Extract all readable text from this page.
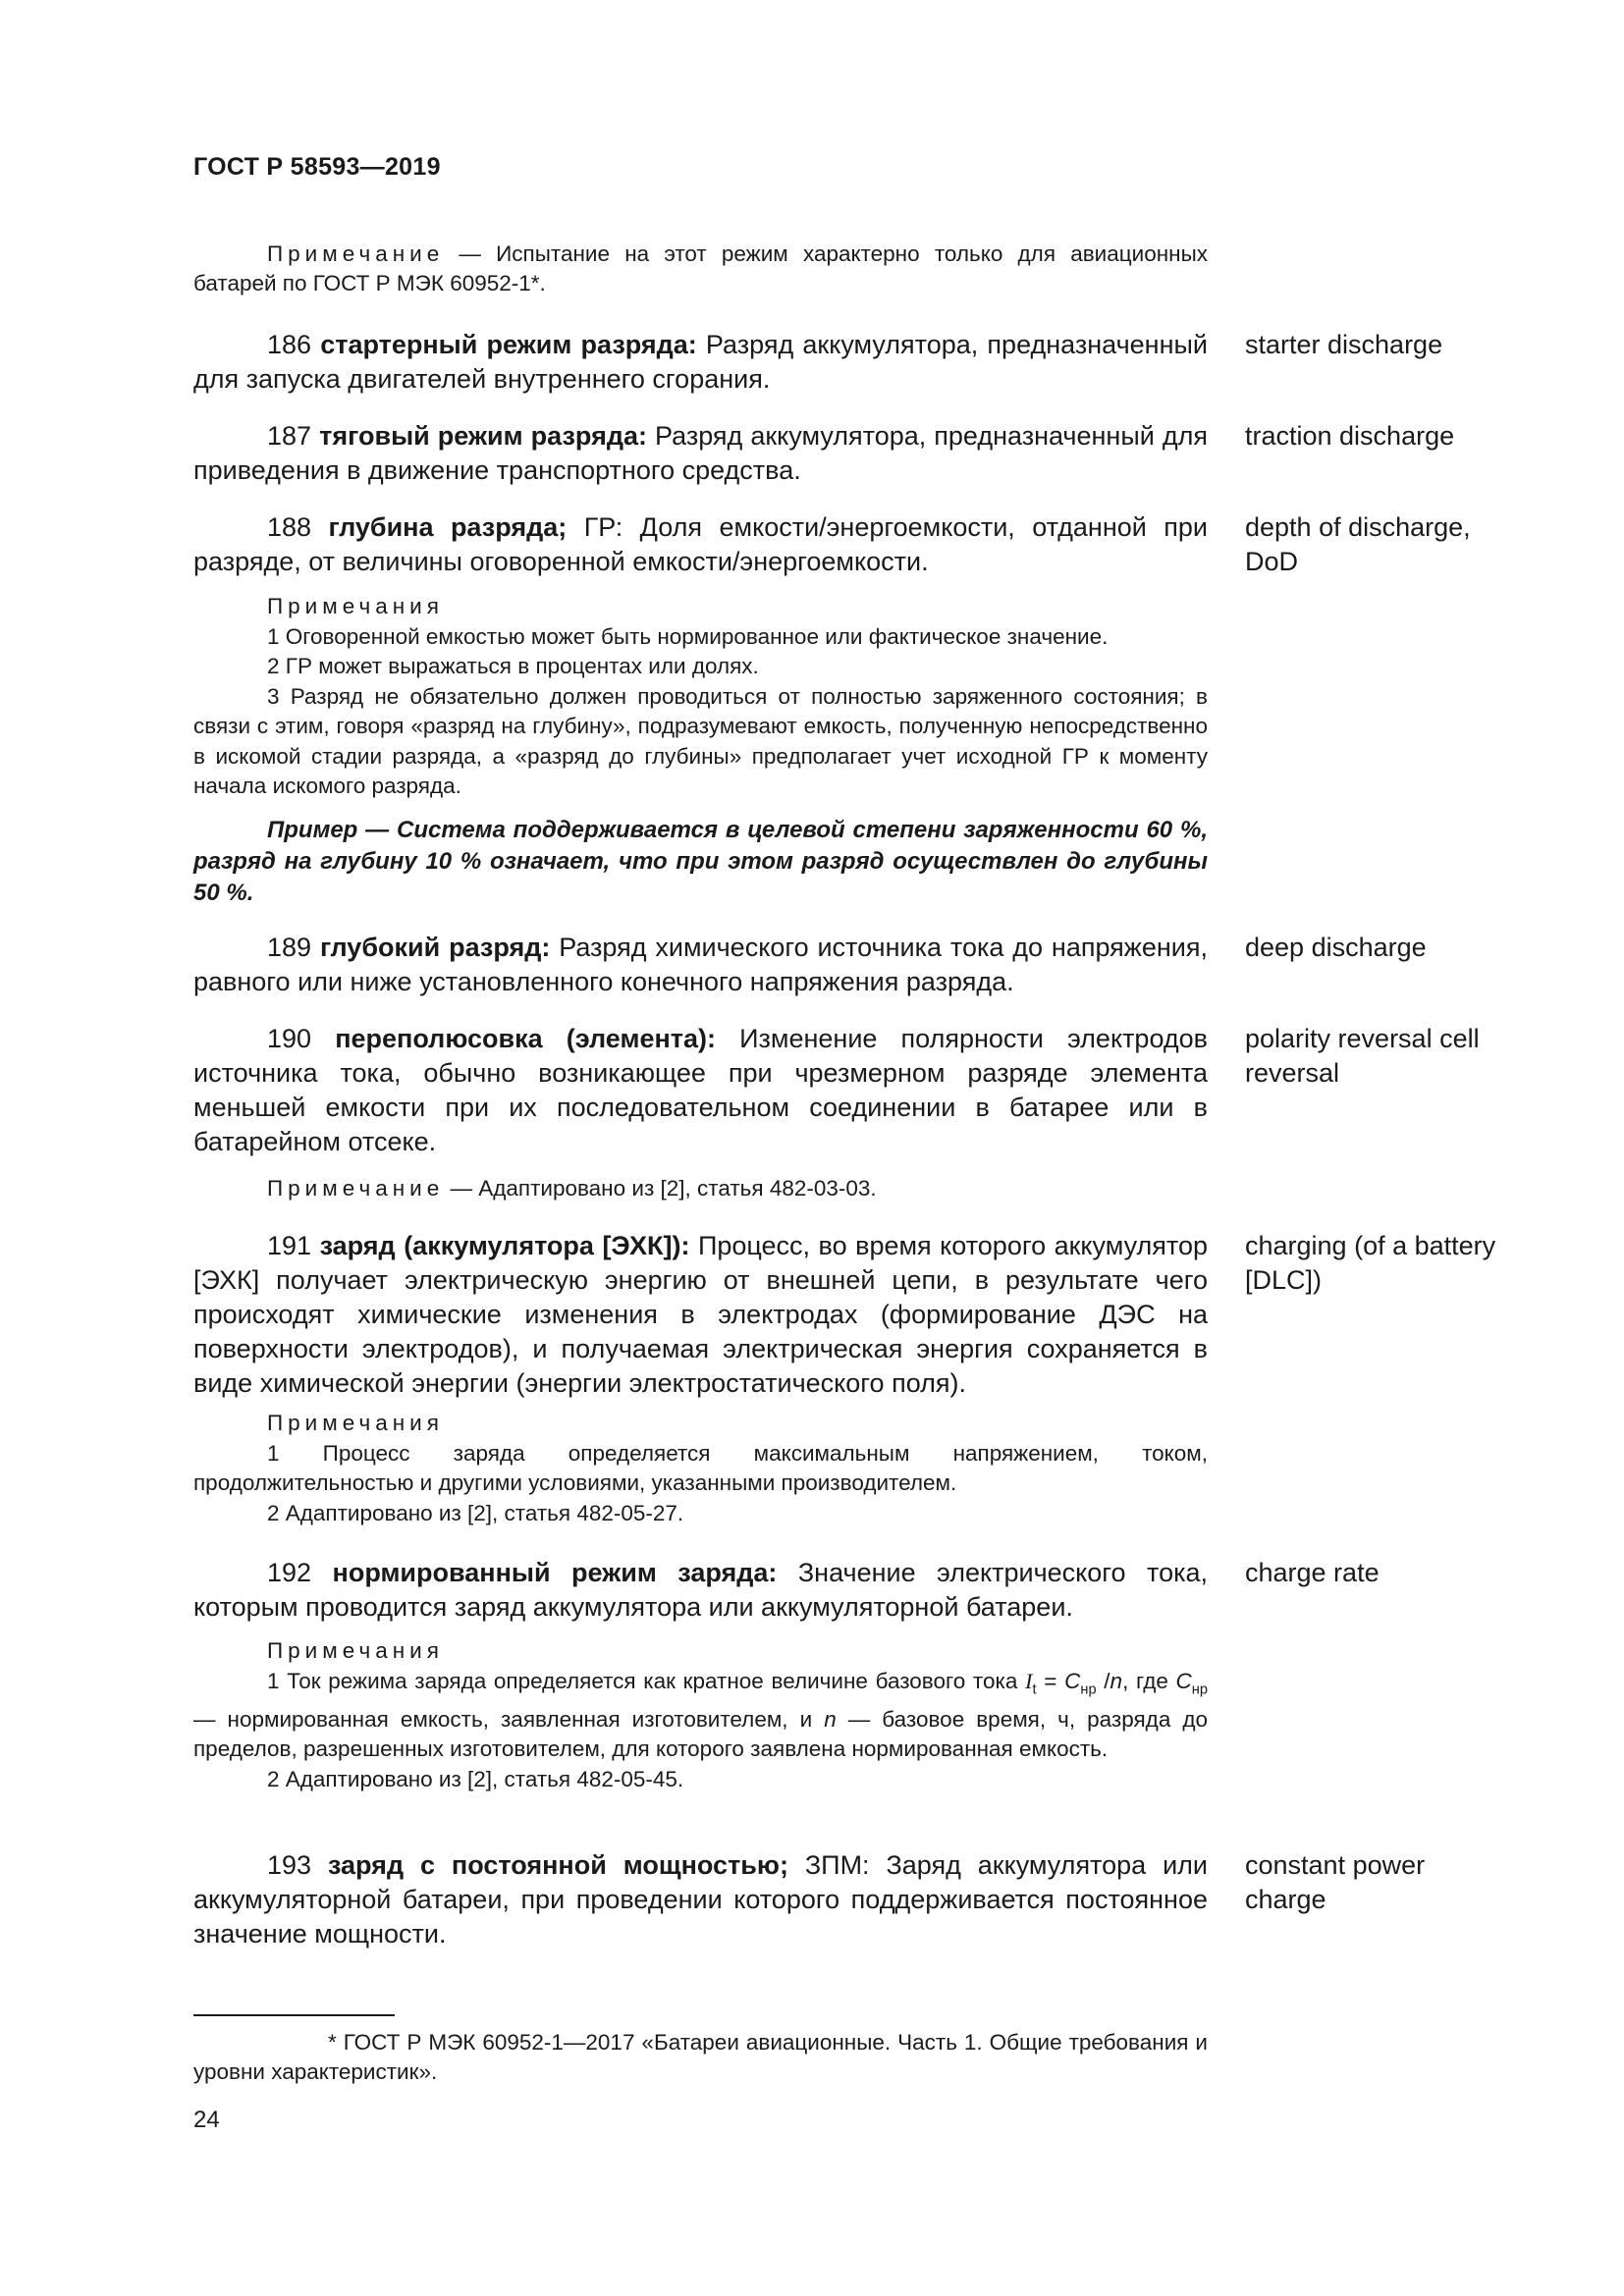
ГОСТ Р 58593—2019
Примечание — Испытание на этот режим характерно только для авиационных батарей по ГОСТ Р МЭК 60952-1*.
186 стартерный режим разряда: Разряд аккумулятора, предназначенный для запуска двигателей внутреннего сгорания.
starter discharge
187 тяговый режим разряда: Разряд аккумулятора, предназначенный для приведения в движение транспортного средства.
traction discharge
188 глубина разряда; ГР: Доля емкости/энергоемкости, отданной при разряде, от величины оговоренной емкости/энергоемкости.
depth of discharge, DoD

Примечания

1 Оговоренной емкостью может быть нормированное или фактическое значение.

2 ГР может выражаться в процентах или долях.

3 Разряд не обязательно должен проводиться от полностью заряженного состояния; в связи с этим, говоря «разряд на глубину», подразумевают емкость, полученную непосредственно в искомой стадии разряда, а «разряд до глубины» предполагает учет исходной ГР к моменту начала искомого разряда.

Пример — Система поддерживается в целевой степени заряженности 60 %, разряд на глубину 10 % означает, что при этом разряд осуществлен до глубины 50 %.
189 глубокий разряд: Разряд химического источника тока до напряжения, равного или ниже установленного конечного напряжения разряда.
deep discharge
190 переполюсовка (элемента): Изменение полярности электродов источника тока, обычно возникающее при чрезмерном разряде элемента меньшей емкости при их последовательном соединении в батарее или в батарейном отсеке.
polarity reversal cell reversal
Примечание — Адаптировано из [2], статья 482-03-03.
191 заряд (аккумулятора [ЭХК]): Процесс, во время которого аккумулятор [ЭХК] получает электрическую энергию от внешней цепи, в результате чего происходят химические изменения в электродах (формирование ДЭС на поверхности электродов), и получаемая электрическая энергия сохраняется в виде химической энергии (энергии электростатического поля).
charging (of a battery [DLC])

Примечания

1 Процесс заряда определяется максимальным напряжением, током, продолжительностью и другими условиями, указанными производителем.

2 Адаптировано из [2], статья 482-05-27.

192 нормированный режим заряда: Значение электрического тока, которым проводится заряд аккумулятора или аккумуляторной батареи.
charge rate

Примечания

1 Ток режима заряда определяется как кратное величине базового тока $I_t = C_{нр}$ /n, где $C_{нр}$ — нормированная емкость, заявленная изготовителем, и n — базовое время, ч, разряда до пределов, разрешенных изготовителем, для которого заявлена нормированная емкость.

2 Адаптировано из [2], статья 482-05-45.

193 заряд с постоянной мощностью; ЗПМ: Заряд аккумулятора или аккумуляторной батареи, при проведении которого поддерживается постоянное значение мощности.
constant power charge
* ГОСТ Р МЭК 60952-1—2017 «Батареи авиационные. Часть 1. Общие требования и уровни характеристик».
24
